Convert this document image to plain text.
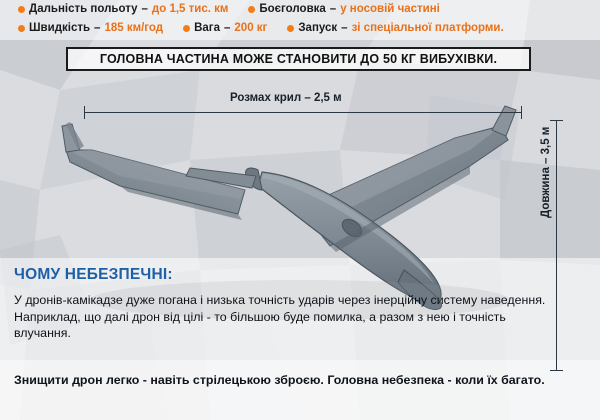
Дальність польоту – до 1,5 тис. км	Боєголовка – у носовій частині
Швидкість – 185 км/год	Вага – 200 кг	Запуск – зі спеціальної платформи.
ГОЛОВНА ЧАСТИНА МОЖЕ СТАНОВИТИ ДО 50 КГ ВИБУХІВКИ.
Розмах крил – 2,5 м
Довжина – 3,5 м
ЧОМУ НЕБЕЗПЕЧНІ:

У дронів-камікадзе дуже погана і низька точність ударів через інерційну систему наведення. Наприклад, що далі дрон від цілі - то більшою буде помилка, а разом з нею і точність влучання.

Знищити дрон легко - навіть стрілецькою зброєю. Головна небезпека - коли їх багато.
